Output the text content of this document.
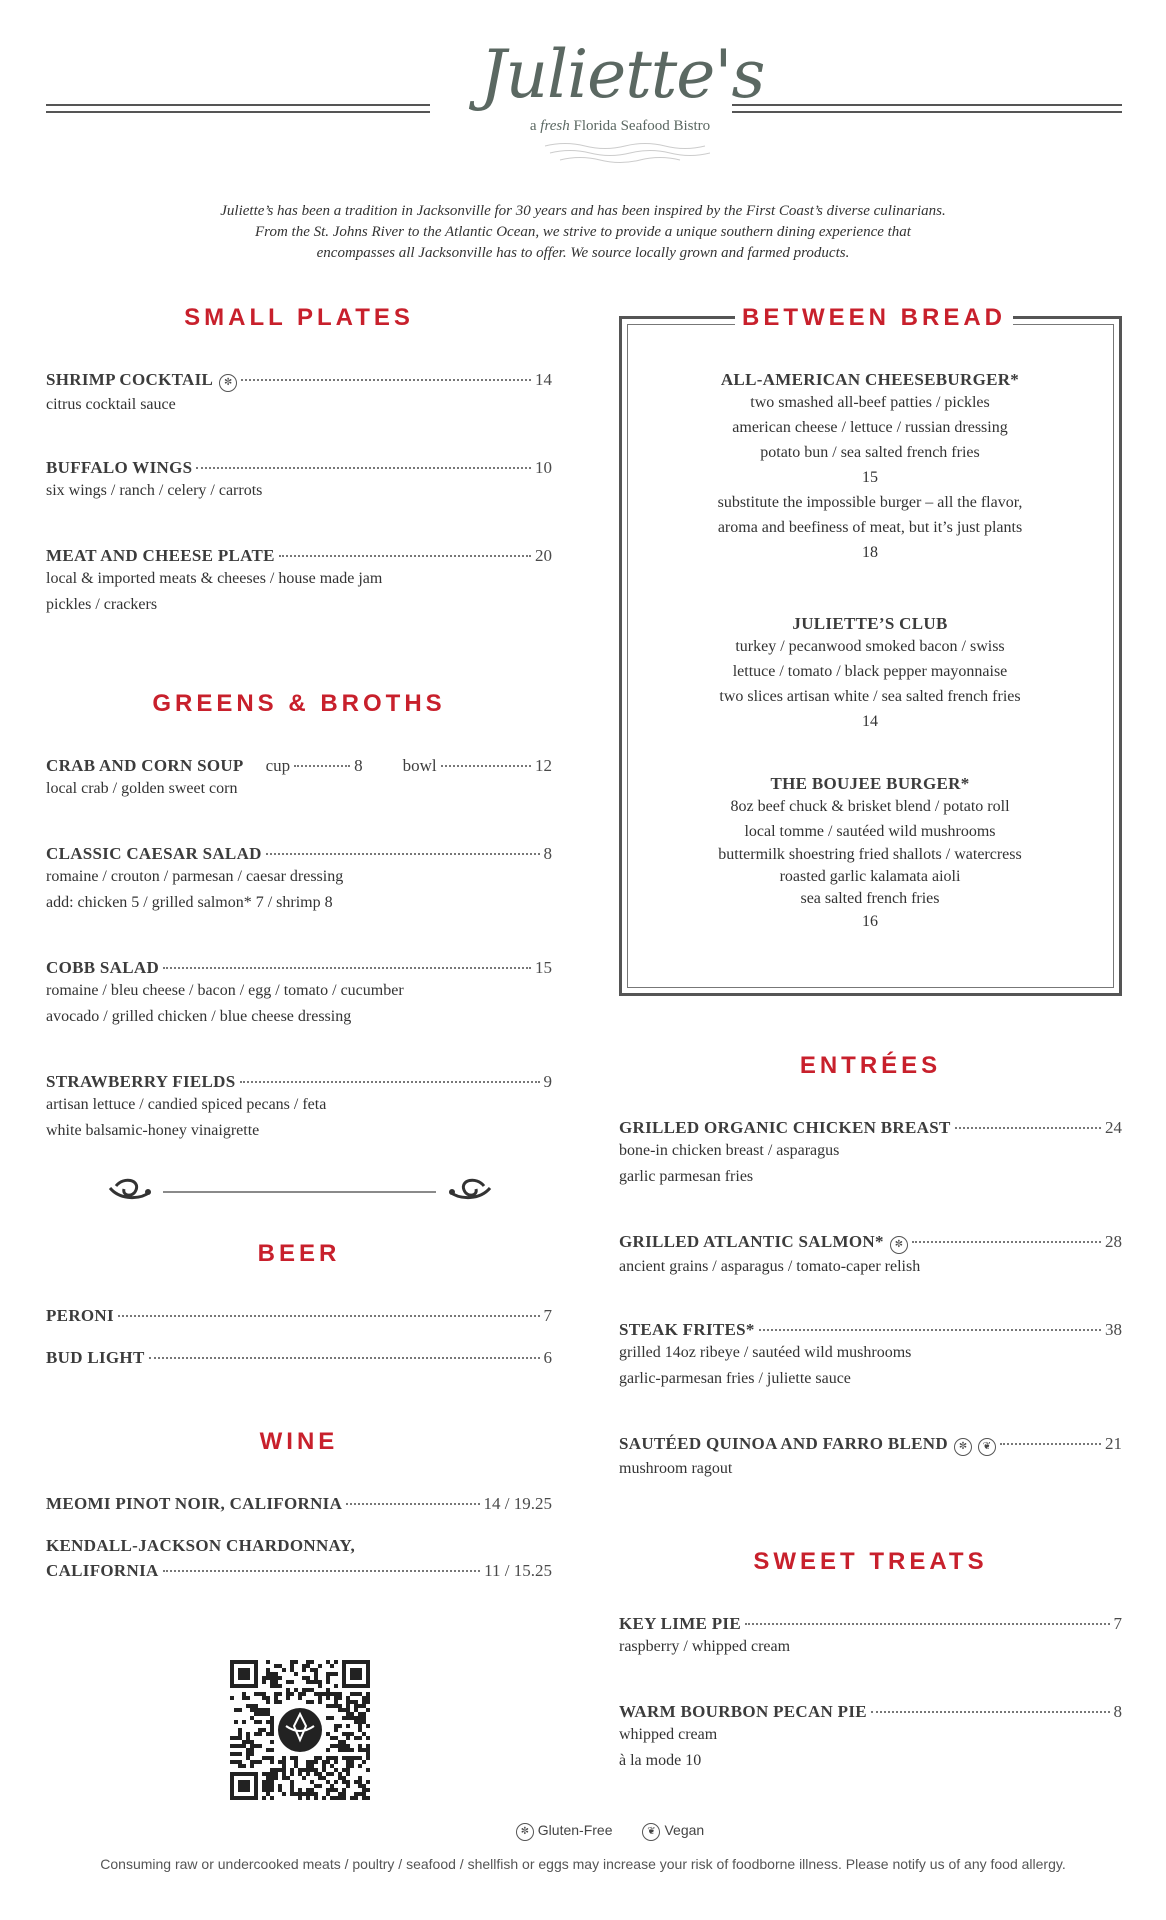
Juliette's
a fresh Florida Seafood Bistro
Juliette’s has been a tradition in Jacksonville for 30 years and has been inspired by the First Coast’s diverse culinarians.
From the St. Johns River to the Atlantic Ocean, we strive to provide a unique southern dining experience that
encompasses all Jacksonville has to offer. We source locally grown and farmed products.
SMALL PLATES
SHRIMP COCKTAIL	✼	14
citrus cocktail sauce
BUFFALO WINGS	10
six wings / ranch / celery / carrots
MEAT AND CHEESE PLATE	20
local & imported meats & cheeses / house made jam
pickles / crackers
GREENS & BROTHS
CRAB AND CORN SOUP cup	8 bowl	12
local crab / golden sweet corn
CLASSIC CAESAR SALAD	8
romaine / crouton / parmesan / caesar dressing
add: chicken 5 / grilled salmon* 7 / shrimp 8
COBB SALAD	15
romaine / bleu cheese / bacon / egg / tomato / cucumber
avocado / grilled chicken / blue cheese dressing
STRAWBERRY FIELDS	9
artisan lettuce / candied spiced pecans / feta
white balsamic-honey vinaigrette
BEER
PERONI	7
BUD LIGHT	6
WINE
MEOMI PINOT NOIR, CALIFORNIA	14 / 19.25
KENDALL-JACKSON CHARDONNAY,
CALIFORNIA	11 / 15.25
BETWEEN BREAD
ALL-AMERICAN CHEESEBURGER*
two smashed all-beef patties / pickles
american cheese / lettuce / russian dressing
potato bun / sea salted french fries
15
substitute the impossible burger – all the flavor,
aroma and beefiness of meat, but it’s just plants
18
JULIETTE’S CLUB
turkey / pecanwood smoked bacon / swiss
lettuce / tomato / black pepper mayonnaise
two slices artisan white / sea salted french fries
14
THE BOUJEE BURGER*
8oz beef chuck & brisket blend / potato roll
local tomme / sautéed wild mushrooms
buttermilk shoestring fried shallots / watercress
roasted garlic kalamata aioli
sea salted french fries
16
ENTRÉES
GRILLED ORGANIC CHICKEN BREAST	24
bone-in chicken breast / asparagus
garlic parmesan fries
GRILLED ATLANTIC SALMON*	✼	28
ancient grains / asparagus / tomato-caper relish
STEAK FRITES*	38
grilled 14oz ribeye / sautéed wild mushrooms
garlic-parmesan fries / juliette sauce
SAUTÉED QUINOA AND FARRO BLEND	✼	❦	21
mushroom ragout
SWEET TREATS
KEY LIME PIE	7
raspberry / whipped cream
WARM BOURBON PECAN PIE	8
whipped cream
à la mode 10
✼ Gluten-Free	❦ Vegan
Consuming raw or undercooked meats / poultry / seafood / shellfish or eggs may increase your risk of foodborne illness. Please notify us of any food allergy.
